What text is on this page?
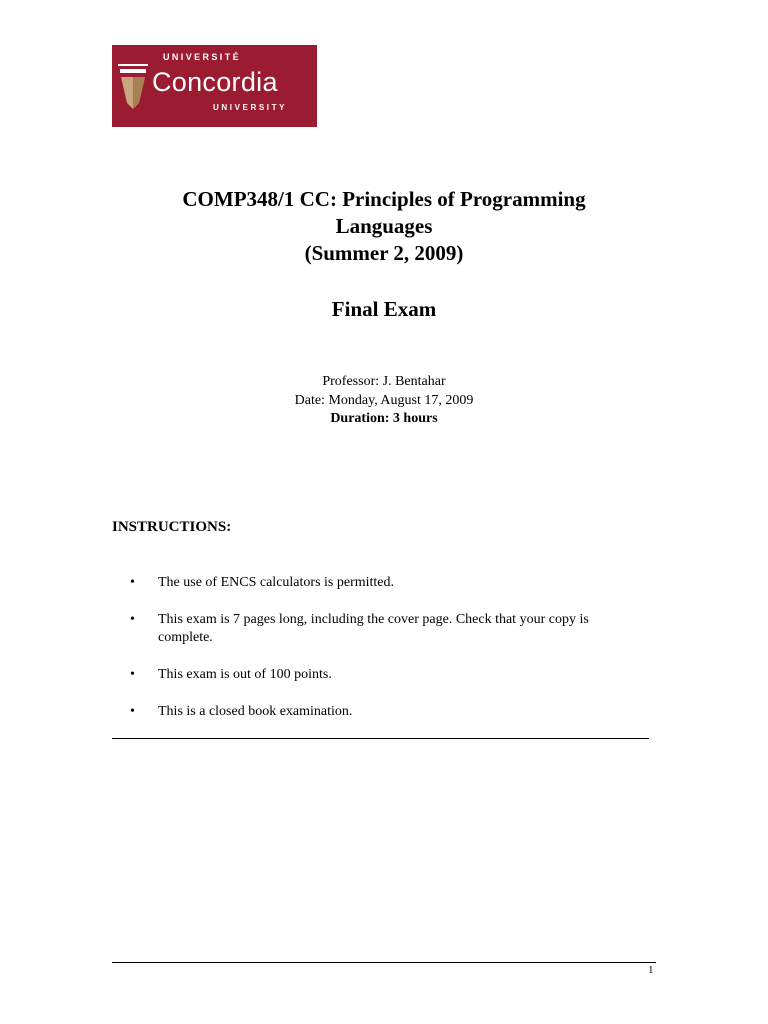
UNIVERSITÉ
Concordia
UNIVERSITY
COMP348/1 CC: Principles of Programming
Languages
(Summer 2, 2009)
Final Exam
Professor: J. Bentahar
Date: Monday, August 17, 2009
Duration: 3 hours
INSTRUCTIONS:
• The use of ENCS calculators is permitted.
• This exam is 7 pages long, including the cover page. Check that your copy is complete.
• This exam is out of 100 points.
• This is a closed book examination.
1
